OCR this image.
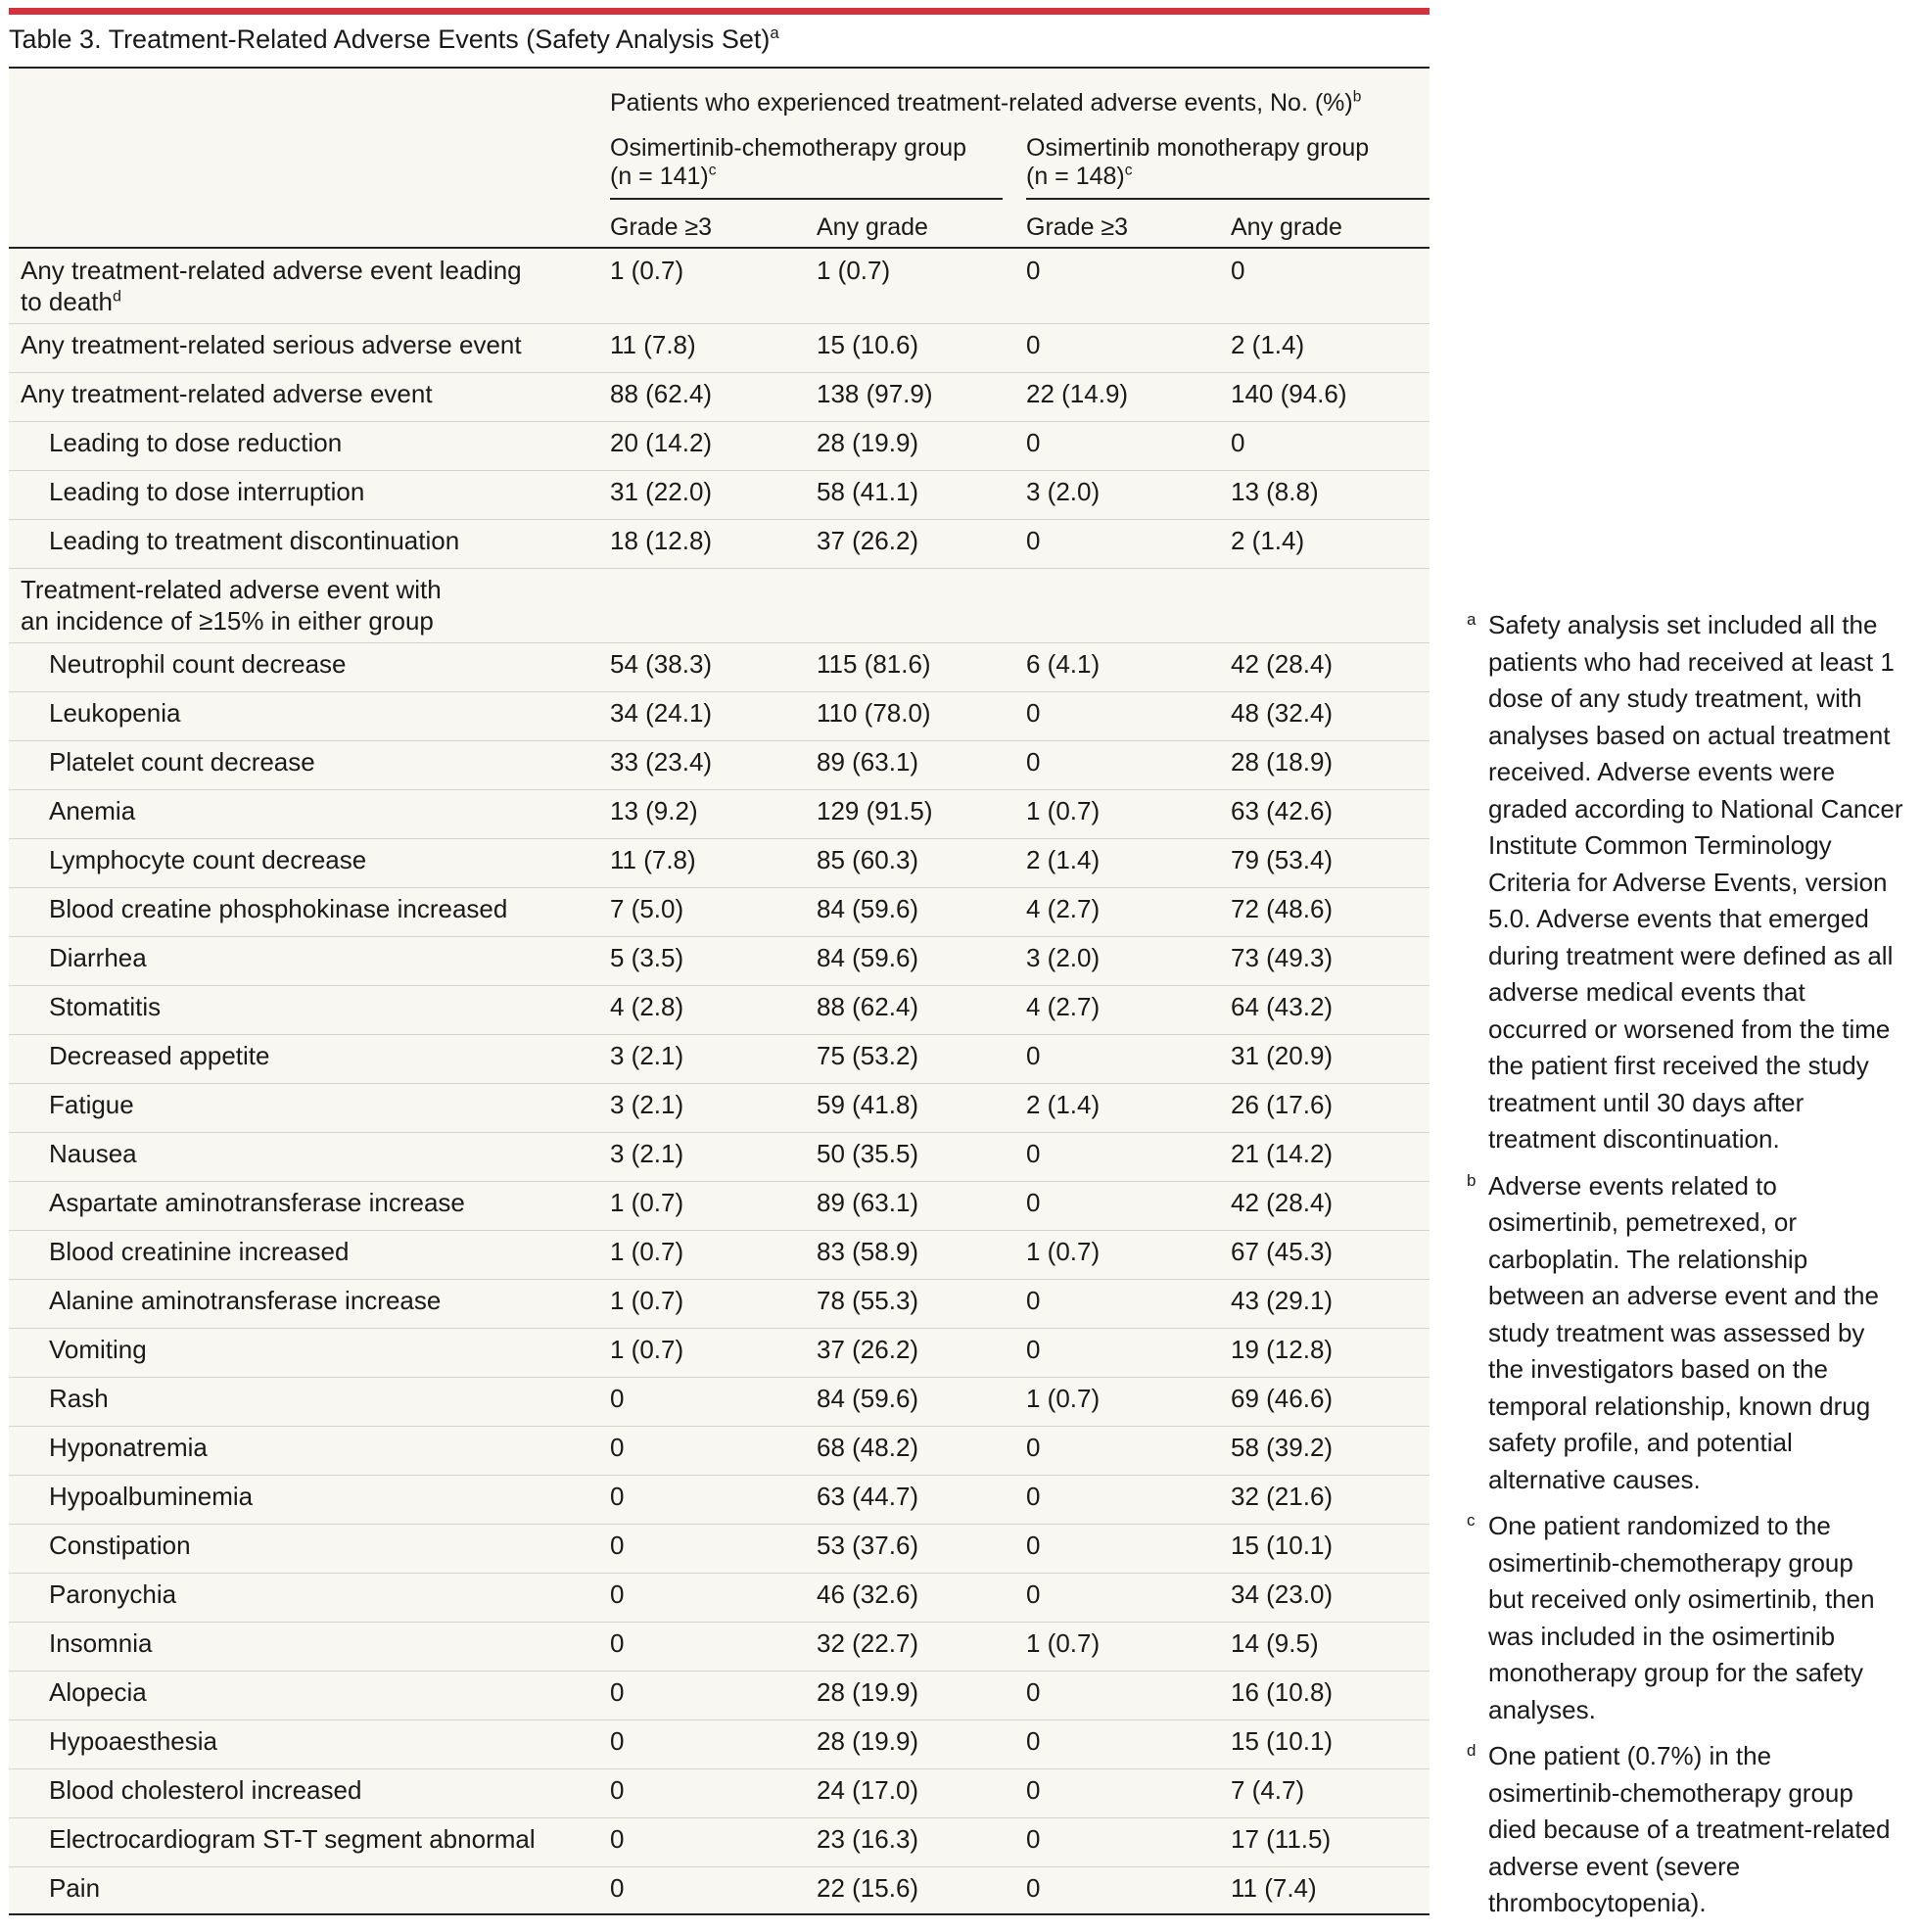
Table 3. Treatment-Related Adverse Events (Safety Analysis Set)$^a$
Patients who experienced treatment-related adverse events, No. (%)$^b$
Osimertinib-chemotherapy group
(n = 141)$^c$
Osimertinib monotherapy group
(n = 148)$^c$
Grade ≥3	Any grade	Grade ≥3	Any grade
Any treatment-related adverse event leading
to death$^d$
1 (0.7)	1 (0.7)	0	0
Any treatment-related serious adverse event	11 (7.8)	15 (10.6)	0	2 (1.4)
Any treatment-related adverse event	88 (62.4)	138 (97.9)	22 (14.9)	140 (94.6)
Leading to dose reduction	20 (14.2)	28 (19.9)	0	0
Leading to dose interruption	31 (22.0)	58 (41.1)	3 (2.0)	13 (8.8)
Leading to treatment discontinuation	18 (12.8)	37 (26.2)	0	2 (1.4)
Treatment-related adverse event with
an incidence of ≥15% in either group
Neutrophil count decrease	54 (38.3)	115 (81.6)	6 (4.1)	42 (28.4)
Leukopenia	34 (24.1)	110 (78.0)	0	48 (32.4)
Platelet count decrease	33 (23.4)	89 (63.1)	0	28 (18.9)
Anemia	13 (9.2)	129 (91.5)	1 (0.7)	63 (42.6)
Lymphocyte count decrease	11 (7.8)	85 (60.3)	2 (1.4)	79 (53.4)
Blood creatine phosphokinase increased	7 (5.0)	84 (59.6)	4 (2.7)	72 (48.6)
Diarrhea	5 (3.5)	84 (59.6)	3 (2.0)	73 (49.3)
Stomatitis	4 (2.8)	88 (62.4)	4 (2.7)	64 (43.2)
Decreased appetite	3 (2.1)	75 (53.2)	0	31 (20.9)
Fatigue	3 (2.1)	59 (41.8)	2 (1.4)	26 (17.6)
Nausea	3 (2.1)	50 (35.5)	0	21 (14.2)
Aspartate aminotransferase increase	1 (0.7)	89 (63.1)	0	42 (28.4)
Blood creatinine increased	1 (0.7)	83 (58.9)	1 (0.7)	67 (45.3)
Alanine aminotransferase increase	1 (0.7)	78 (55.3)	0	43 (29.1)
Vomiting	1 (0.7)	37 (26.2)	0	19 (12.8)
Rash	0	84 (59.6)	1 (0.7)	69 (46.6)
Hyponatremia	0	68 (48.2)	0	58 (39.2)
Hypoalbuminemia	0	63 (44.7)	0	32 (21.6)
Constipation	0	53 (37.6)	0	15 (10.1)
Paronychia	0	46 (32.6)	0	34 (23.0)
Insomnia	0	32 (22.7)	1 (0.7)	14 (9.5)
Alopecia	0	28 (19.9)	0	16 (10.8)
Hypoaesthesia	0	28 (19.9)	0	15 (10.1)
Blood cholesterol increased	0	24 (17.0)	0	7 (4.7)
Electrocardiogram ST-T segment abnormal	0	23 (16.3)	0	17 (11.5)
Pain	0	22 (15.6)	0	11 (7.4)
a Safety analysis set included all the
patients who had received at least 1
dose of any study treatment, with
analyses based on actual treatment
received. Adverse events were
graded according to National Cancer
Institute Common Terminology
Criteria for Adverse Events, version
5.0. Adverse events that emerged
during treatment were defined as all
adverse medical events that
occurred or worsened from the time
the patient first received the study
treatment until 30 days after
treatment discontinuation.
b Adverse events related to
osimertinib, pemetrexed, or
carboplatin. The relationship
between an adverse event and the
study treatment was assessed by
the investigators based on the
temporal relationship, known drug
safety profile, and potential
alternative causes.
c One patient randomized to the
osimertinib-chemotherapy group
but received only osimertinib, then
was included in the osimertinib
monotherapy group for the safety
analyses.
d One patient (0.7%) in the
osimertinib-chemotherapy group
died because of a treatment-related
adverse event (severe
thrombocytopenia).
